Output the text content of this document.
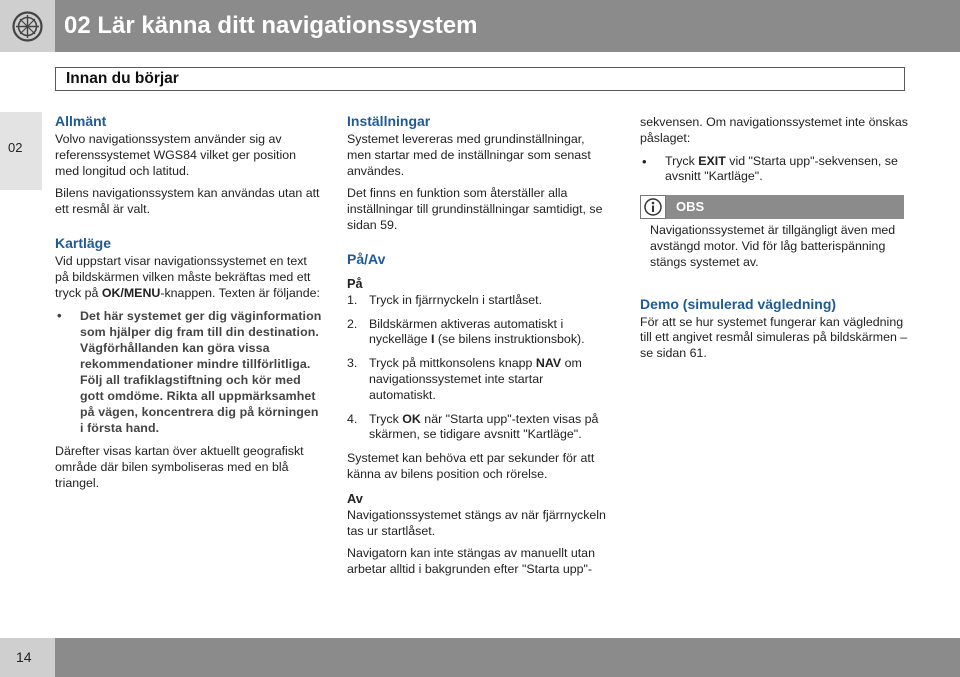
02 Lär känna ditt navigationssystem
Innan du börjar
02
Allmänt

Volvo navigationssystem använder sig av referenssystemet WGS84 vilket ger position med longitud och latitud.

Bilens navigationssystem kan användas utan att ett resmål är valt.

Kartläge

Vid uppstart visar navigationssystemet en text på bildskärmen vilken måste bekräftas med ett tryck på OK/MENU-knappen. Texten är följande:

• Det här systemet ger dig väginformation som hjälper dig fram till din destination. Vägförhållanden kan göra vissa rekommendationer mindre tillförlitliga. Följ all trafiklagstiftning och kör med gott omdöme. Rikta all uppmärksamhet på vägen, koncentrera dig på körningen i första hand.

Därefter visas kartan över aktuellt geografiskt område där bilen symboliseras med en blå triangel.

Inställningar

Systemet levereras med grundinställningar, men startar med de inställningar som senast användes.

Det finns en funktion som återställer alla inställningar till grundinställningar samtidigt, se sidan 59.

På/Av
På
1. Tryck in fjärrnyckeln i startlåset.
2. Bildskärmen aktiveras automatiskt i nyckelläge I (se bilens instruktionsbok).
3. Tryck på mittkonsolens knapp NAV om navigationssystemet inte startar automatiskt.
4. Tryck OK när "Starta upp"-texten visas på skärmen, se tidigare avsnitt "Kartläge".

Systemet kan behöva ett par sekunder för att känna av bilens position och rörelse.

Av

Navigationssystemet stängs av när fjärrnyckeln tas ur startlåset.

Navigatorn kan inte stängas av manuellt utan arbetar alltid i bakgrunden efter "Starta upp"-

sekvensen. Om navigationssystemet inte önskas påslaget:

• Tryck EXIT vid "Starta upp"-sekvensen, se avsnitt "Kartläge".
OBS
Navigationssystemet är tillgängligt även med avstängd motor. Vid för låg batterispänning stängs systemet av.
Demo (simulerad vägledning)

För att se hur systemet fungerar kan vägledning till ett angivet resmål simuleras på bildskärmen – se sidan 61.

14
